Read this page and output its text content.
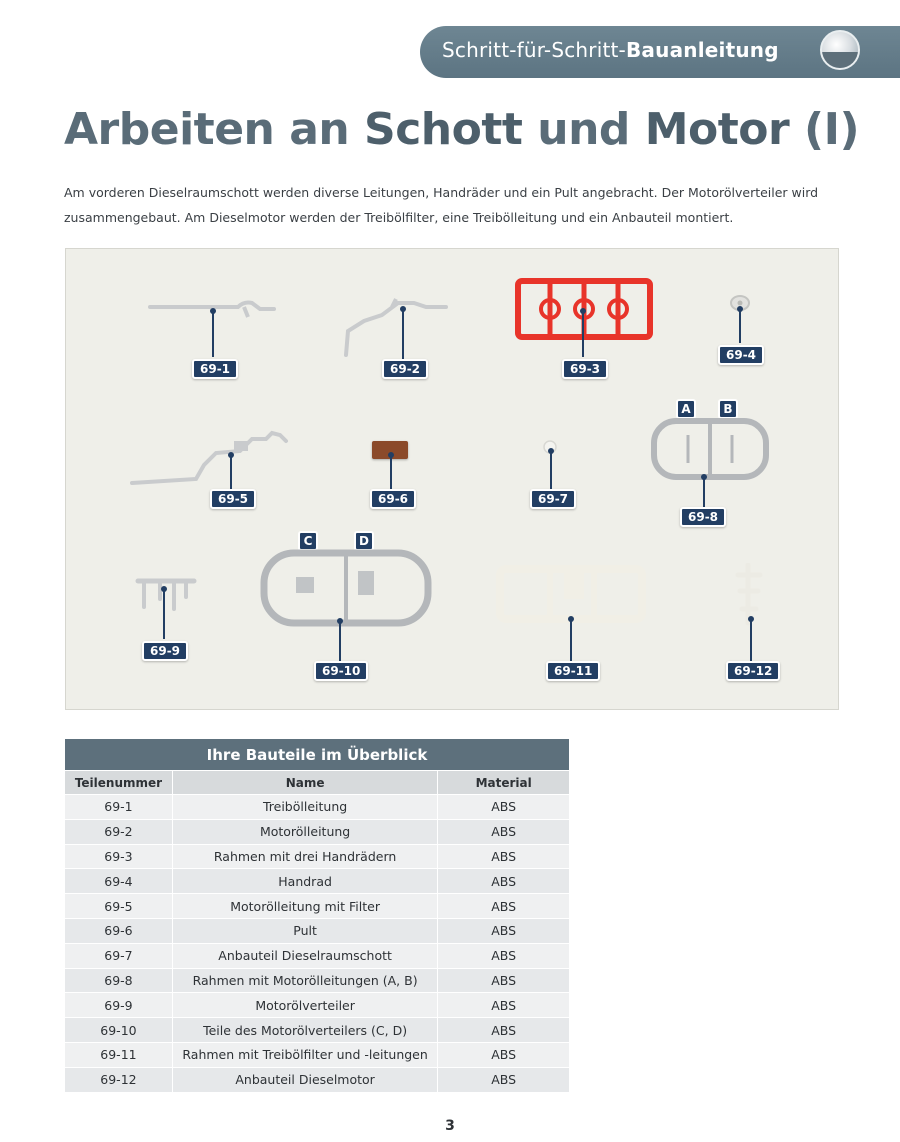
Schritt-für-Schritt-Bauanleitung
Arbeiten an Schott und Motor (I)

Am vorderen Dieselraumschott werden diverse Leitungen, Handräder und ein Pult angebracht. Der Motorölverteiler wird zusammengebaut. Am Dieselmotor werden der Treibölfilter, eine Treibölleitung und ein Anbauteil montiert.

69-1	69-2	69-3
69-4
69-5	69-6	69-7
A	B
69-8
69-9
C	D
69-10	69-11	69-12
Ihre Bauteile im Überblick		
Teilenummer	Name	Material
69-1	Treibölleitung	ABS
69-2	Motorölleitung	ABS
69-3	Rahmen mit drei Handrädern	ABS
69-4	Handrad	ABS
69-5	Motorölleitung mit Filter	ABS
69-6	Pult	ABS
69-7	Anbauteil Dieselraumschott	ABS
69-8	Rahmen mit Motorölleitungen (A, B)	ABS
69-9	Motorölverteiler	ABS
69-10	Teile des Motorölverteilers (C, D)	ABS
69-11	Rahmen mit Treibölfilter und -leitungen	ABS
69-12	Anbauteil Dieselmotor	ABS
3
